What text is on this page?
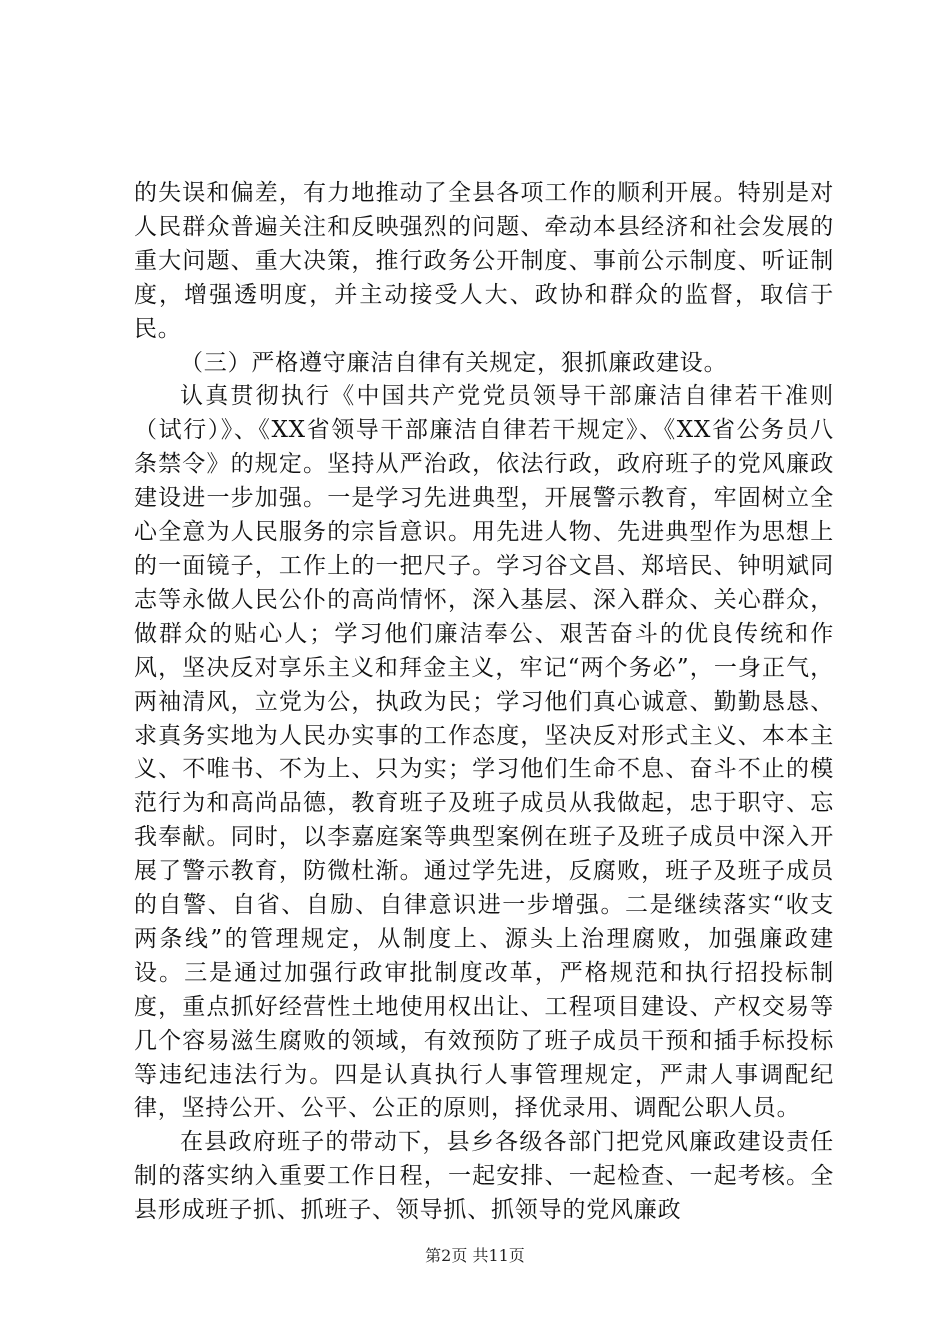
的失误和偏差，有力地推动了全县各项工作的顺利开展。特别是对人民群众普遍关注和反映强烈的问题、牵动本县经济和社会发展的重大问题、重大决策，推行政务公开制度、事前公示制度、听证制度，增强透明度，并主动接受人大、政协和群众的监督，取信于民。

（三）严格遵守廉洁自律有关规定，狠抓廉政建设。

认真贯彻执行《中国共产党党员领导干部廉洁自律若干准则（试行）》、《XX省领导干部廉洁自律若干规定》、《XX省公务员八条禁令》的规定。坚持从严治政，依法行政，政府班子的党风廉政建设进一步加强。一是学习先进典型，开展警示教育，牢固树立全心全意为人民服务的宗旨意识。用先进人物、先进典型作为思想上的一面镜子，工作上的一把尺子。学习谷文昌、郑培民、钟明斌同志等永做人民公仆的高尚情怀，深入基层、深入群众、关心群众，做群众的贴心人；学习他们廉洁奉公、艰苦奋斗的优良传统和作风，坚决反对享乐主义和拜金主义，牢记“两个务必”，一身正气，两袖清风，立党为公，执政为民；学习他们真心诚意、勤勤恳恳、求真务实地为人民办实事的工作态度，坚决反对形式主义、本本主义、不唯书、不为上、只为实；学习他们生命不息、奋斗不止的模范行为和高尚品德，教育班子及班子成员从我做起，忠于职守、忘我奉献。同时，以李嘉庭案等典型案例在班子及班子成员中深入开展了警示教育，防微杜渐。通过学先进，反腐败，班子及班子成员的自警、自省、自励、自律意识进一步增强。二是继续落实“收支两条线”的管理规定，从制度上、源头上治理腐败，加强廉政建设。三是通过加强行政审批制度改革，严格规范和执行招投标制度，重点抓好经营性土地使用权出让、工程项目建设、产权交易等几个容易滋生腐败的领域，有效预防了班子成员干预和插手标投标等违纪违法行为。四是认真执行人事管理规定，严肃人事调配纪律，坚持公开、公平、公正的原则，择优录用、调配公职人员。

在县政府班子的带动下，县乡各级各部门把党风廉政建设责任制的落实纳入重要工作日程，一起安排、一起检查、一起考核。全县形成班子抓、抓班子、领导抓、抓领导的党风廉政

第2页 共11页
